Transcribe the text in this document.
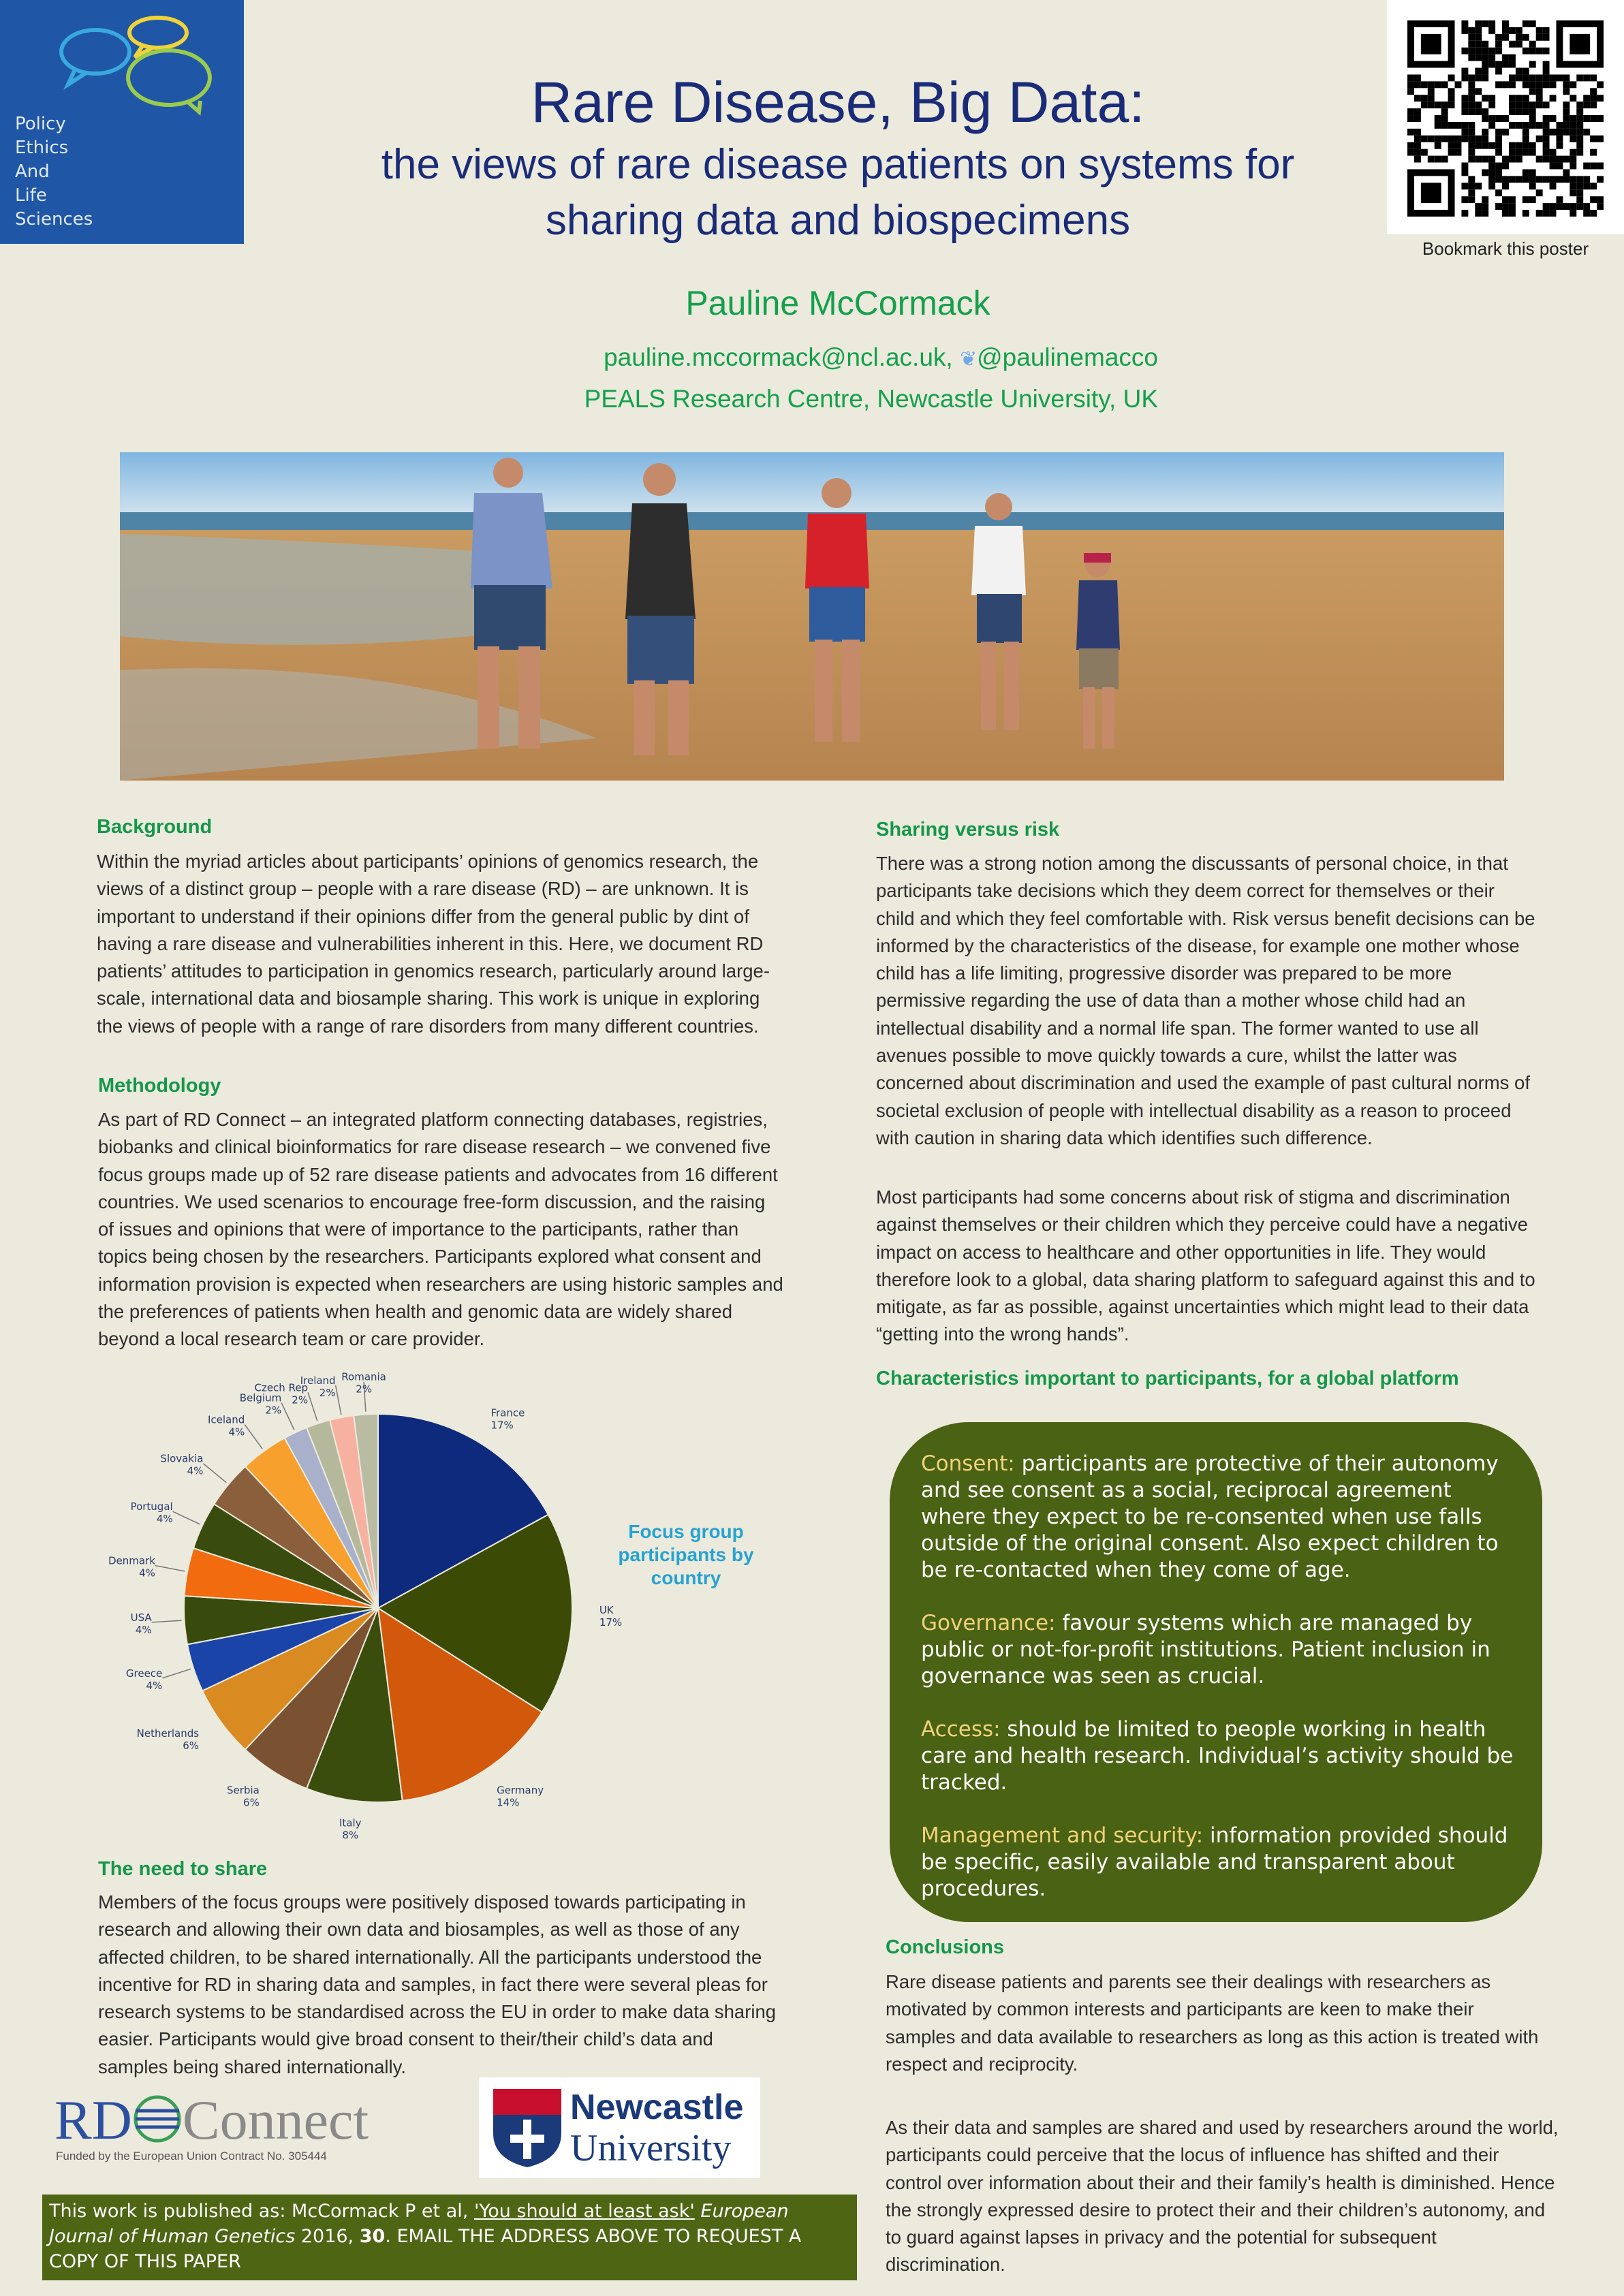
Policy
Ethics
And
Life
Sciences
Rare Disease, Big Data:
the views of rare disease patients on systems for
sharing data and biospecimens
Pauline McCormack
pauline.mccormack@ncl.ac.uk, ❦@paulinemacco
PEALS Research Centre, Newcastle University, UK
Bookmark this poster
Background
Within the myriad articles about participants’ opinions of genomics research, the views of a distinct group – people with a rare disease (RD) – are unknown. It is important to understand if their opinions differ from the general public by dint of having a rare disease and vulnerabilities inherent in this. Here, we document RD patients’ attitudes to participation in genomics research, particularly around large-scale, international data and biosample sharing. This work is unique in exploring the views of people with a range of rare disorders from many different countries.
Methodology
As part of RD Connect – an integrated platform connecting databases, registries, biobanks and clinical bioinformatics for rare disease research – we convened five focus groups made up of 52 rare disease patients and advocates from 16 different countries. We used scenarios to encourage free-form discussion, and the raising of issues and opinions that were of importance to the participants, rather than topics being chosen by the researchers. Participants explored what consent and information provision is expected when researchers are using historic samples and the preferences of patients when health and genomic data are widely shared beyond a local research team or care provider.
Sharing versus risk
There was a strong notion among the discussants of personal choice, in that participants take decisions which they deem correct for themselves or their child and which they feel comfortable with. Risk versus benefit decisions can be informed by the characteristics of the disease, for example one mother whose child has a life limiting, progressive disorder was prepared to be more permissive regarding the use of data than a mother whose child had an intellectual disability and a normal life span. The former wanted to use all avenues possible to move quickly towards a cure, whilst the latter was concerned about discrimination and used the example of past cultural norms of societal exclusion of people with intellectual disability as a reason to proceed with caution in sharing data which identifies such difference.
Most participants had some concerns about risk of stigma and discrimination against themselves or their children which they perceive could have a negative impact on access to healthcare and other opportunities in life. They would therefore look to a global, data sharing platform to safeguard against this and to mitigate, as far as possible, against uncertainties which might lead to their data “getting into the wrong hands”.
Characteristics important to participants, for a global platform
Consent: participants are protective of their autonomy and see consent as a social, reciprocal agreement where they expect to be re-consented when use falls outside of the original consent. Also expect children to be re-contacted when they come of age.
Governance: favour systems which are managed by public or not-for-profit institutions. Patient inclusion in governance was seen as crucial.
Access: should be limited to people working in health care and health research. Individual’s activity should be tracked.
Management and security: information provided should be specific, easily available and transparent about procedures.
France
17%
UK
17%
Germany
14%
Italy
8%
Serbia
6%
Netherlands
6%
Greece
4%
USA
4%
Denmark
4%
Portugal
4%
Slovakia
4%
Iceland
4%
Belgium
2%
Czech Rep
2%
Ireland
2%
Romania
2%
Focus group participants by country
The need to share
Members of the focus groups were positively disposed towards participating in research and allowing their own data and biosamples, as well as those of any affected children, to be shared internationally. All the participants understood the incentive for RD in sharing data and samples, in fact there were several pleas for research systems to be standardised across the EU in order to make data sharing easier. Participants would give broad consent to their/their child’s data and samples being shared internationally.
Conclusions
Rare disease patients and parents see their dealings with researchers as motivated by common interests and participants are keen to make their samples and data available to researchers as long as this action is treated with respect and reciprocity.
As their data and samples are shared and used by researchers around the world, participants could perceive that the locus of influence has shifted and their control over information about their and their family’s health is diminished. Hence the strongly expressed desire to protect their and their children’s autonomy, and to guard against lapses in privacy and the potential for subsequent discrimination.
RD Connect
Funded by the European Union Contract No. 305444
Newcastle
University
This work is published as: McCormack P et al, 'You should at least ask' European Journal of Human Genetics 2016, 30. EMAIL THE ADDRESS ABOVE TO REQUEST A COPY OF THIS PAPER
